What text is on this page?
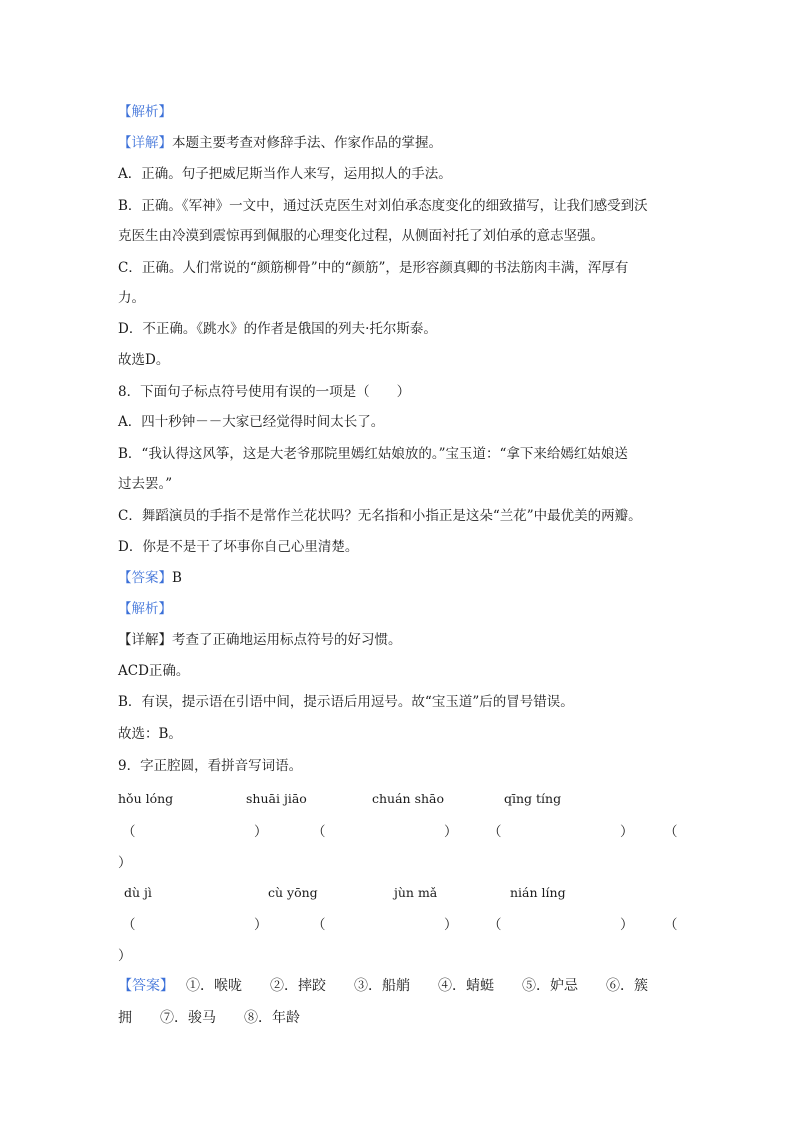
【解析】
【详解】本题主要考查对修辞手法、作家作品的掌握。
A．正确。句子把威尼斯当作人来写，运用拟人的手法。
B．正确。《军神》一文中，通过沃克医生对刘伯承态度变化的细致描写，让我们感受到沃
克医生由冷漠到震惊再到佩服的心理变化过程，从侧面衬托了刘伯承的意志坚强。
C．正确。人们常说的“颜筋柳骨”中的“颜筋”，是形容颜真卿的书法筋肉丰满，浑厚有
力。
D．不正确。《跳水》的作者是俄国的列夫·托尔斯泰。
故选D。
8．下面句子标点符号使用有误的一项是（　　）
A．四十秒钟－－大家已经觉得时间太长了。
B．“我认得这风筝，这是大老爷那院里嫣红姑娘放的。”宝玉道：“拿下来给嫣红姑娘送
过去罢。”
C．舞蹈演员的手指不是常作兰花状吗？无名指和小指正是这朵“兰花”中最优美的两瓣。
D．你是不是干了坏事你自己心里清楚。
【答案】B
【解析】
【详解】考查了正确地运用标点符号的好习惯。
ACD正确。
B．有误，提示语在引语中间，提示语后用逗号。故“宝玉道”后的冒号错误。
故选：B。
9．字正腔圆，看拼音写词语。
hǒu lóng	shuāi jiāo	chuán shāo	qīng tíng
（	）	（	） （	） （
）
dù jì	cù yōng	jùn mǎ	nián líng
（	）	（	） （	） （
）
【答案】 ①．喉咙　　②．摔跤　　③．船艄　　④．蜻蜓　　⑤．妒忌　　⑥．簇
拥　　⑦．骏马　　⑧．年龄
